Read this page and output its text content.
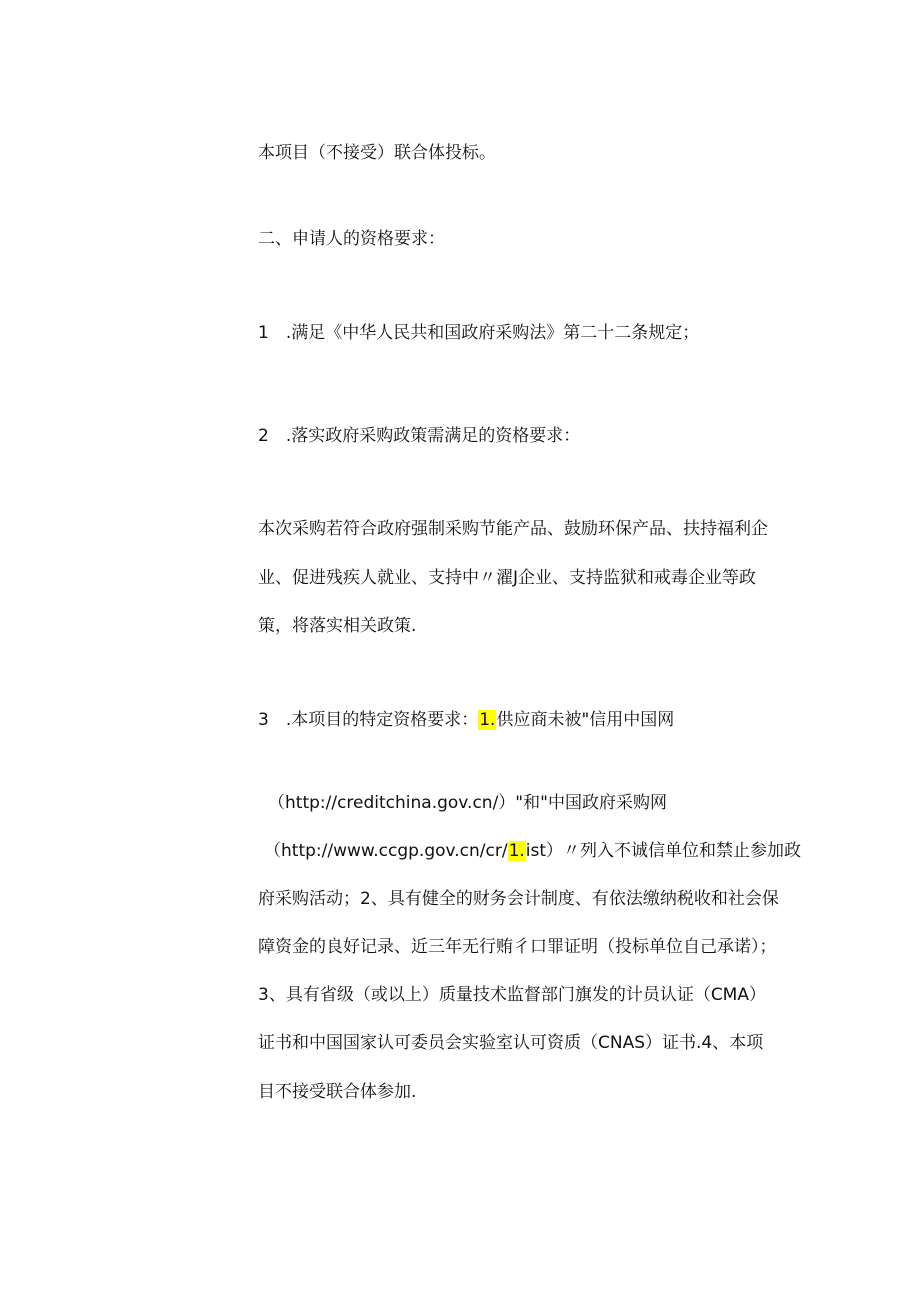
本项目（不接受）联合体投标。
二、申请人的资格要求：
1　.满足《中华人民共和国政府采购法》第二十二条规定；
2　.落实政府采购政策需满足的资格要求：
本次采购若符合政府强制采购节能产品、鼓励环保产品、扶持福利企
业、促进残疾人就业、支持中〃濯J企业、支持监狱和戒毒企业等政
策，将落实相关政策.
3　.本项目的特定资格要求：1.供应商未被"信用中国网
（http://creditchina.gov.cn/）"和"中国政府采购网
（http://www.ccgp.gov.cn/cr/1.ist）〃列入不诚信单位和禁止参加政
府采购活动；2、具有健全的财务会计制度、有依法缴纳税收和社会保
障资金的良好记录、近三年无行贿彳口罪证明（投标单位自己承诺）；
3、具有省级（或以上）质量技术监督部门旗发的计员认证（CMA）
证书和中国国家认可委员会实验室认可资质（CNAS）证书.4、本项
目不接受联合体参加.
